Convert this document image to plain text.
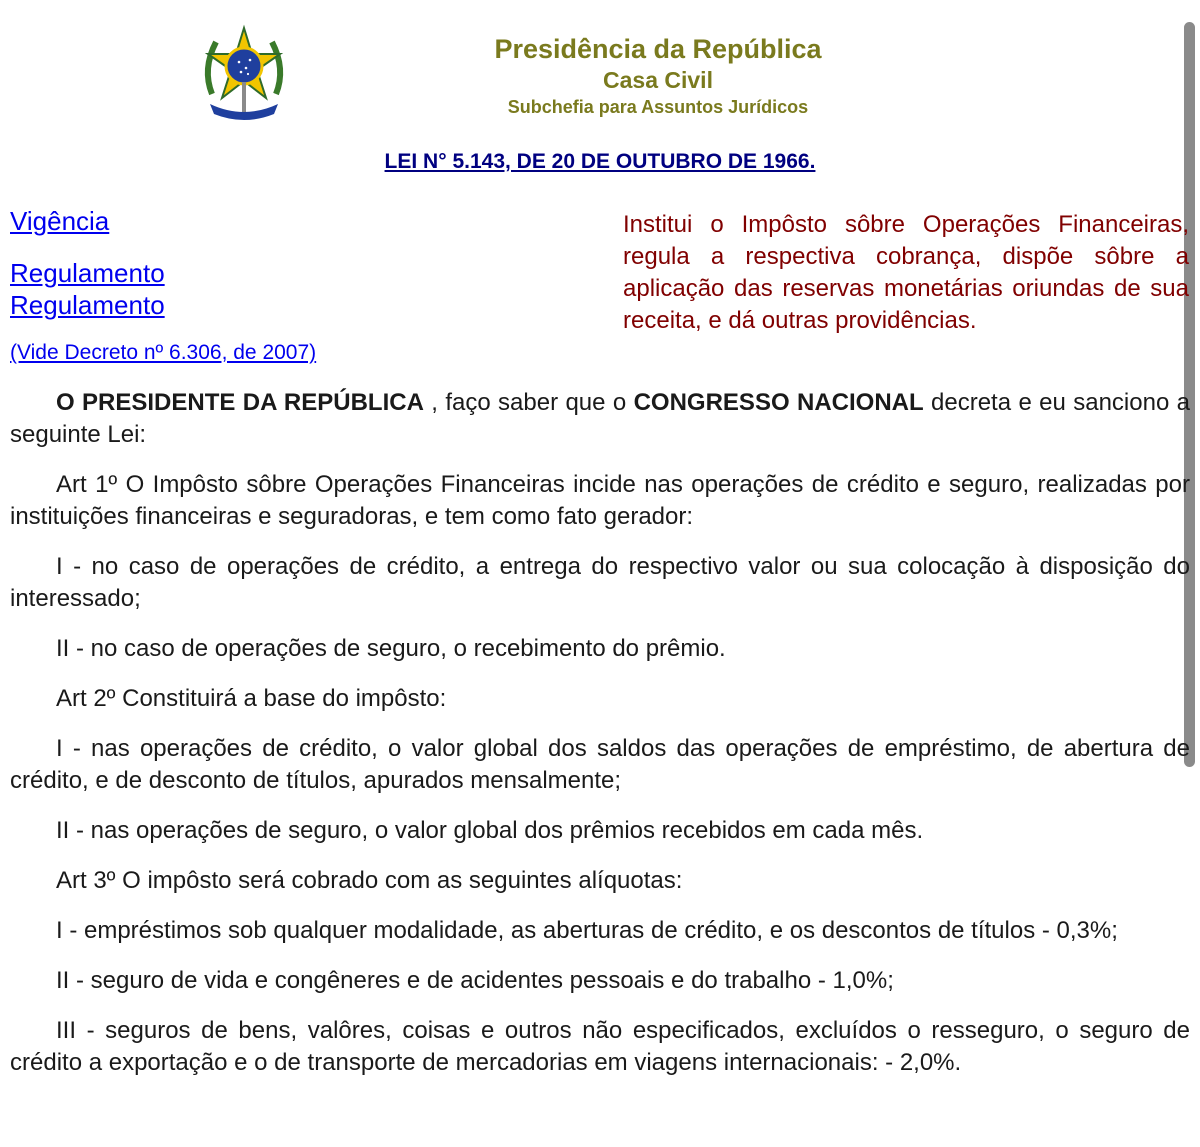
Presidência da República
Casa Civil
Subchefia para Assuntos Jurídicos
LEI N° 5.143, DE 20 DE OUTUBRO DE 1966.
Vigência
Regulamento
Regulamento
(Vide Decreto nº 6.306, de 2007)
Institui o Impôsto sôbre Operações Financeiras, regula a respectiva cobrança, dispõe sôbre a aplicação das reservas monetárias oriundas de sua receita, e dá outras providências.

O PRESIDENTE DA REPÚBLICA , faço saber que o CONGRESSO NACIONAL decreta e eu sanciono a seguinte Lei:

Art 1º O Impôsto sôbre Operações Financeiras incide nas operações de crédito e seguro, realizadas por instituições financeiras e seguradoras, e tem como fato gerador:

I - no caso de operações de crédito, a entrega do respectivo valor ou sua colocação à disposição do interessado;

II - no caso de operações de seguro, o recebimento do prêmio.

Art 2º Constituirá a base do impôsto:

I - nas operações de crédito, o valor global dos saldos das operações de empréstimo, de abertura de crédito, e de desconto de títulos, apurados mensalmente;

II - nas operações de seguro, o valor global dos prêmios recebidos em cada mês.

Art 3º O impôsto será cobrado com as seguintes alíquotas:

I - empréstimos sob qualquer modalidade, as aberturas de crédito, e os descontos de títulos - 0,3%;

II - seguro de vida e congêneres e de acidentes pessoais e do trabalho - 1,0%;

III - seguros de bens, valôres, coisas e outros não especificados, excluídos o resseguro, o seguro de crédito a exportação e o de transporte de mercadorias em viagens internacionais: - 2,0%.
